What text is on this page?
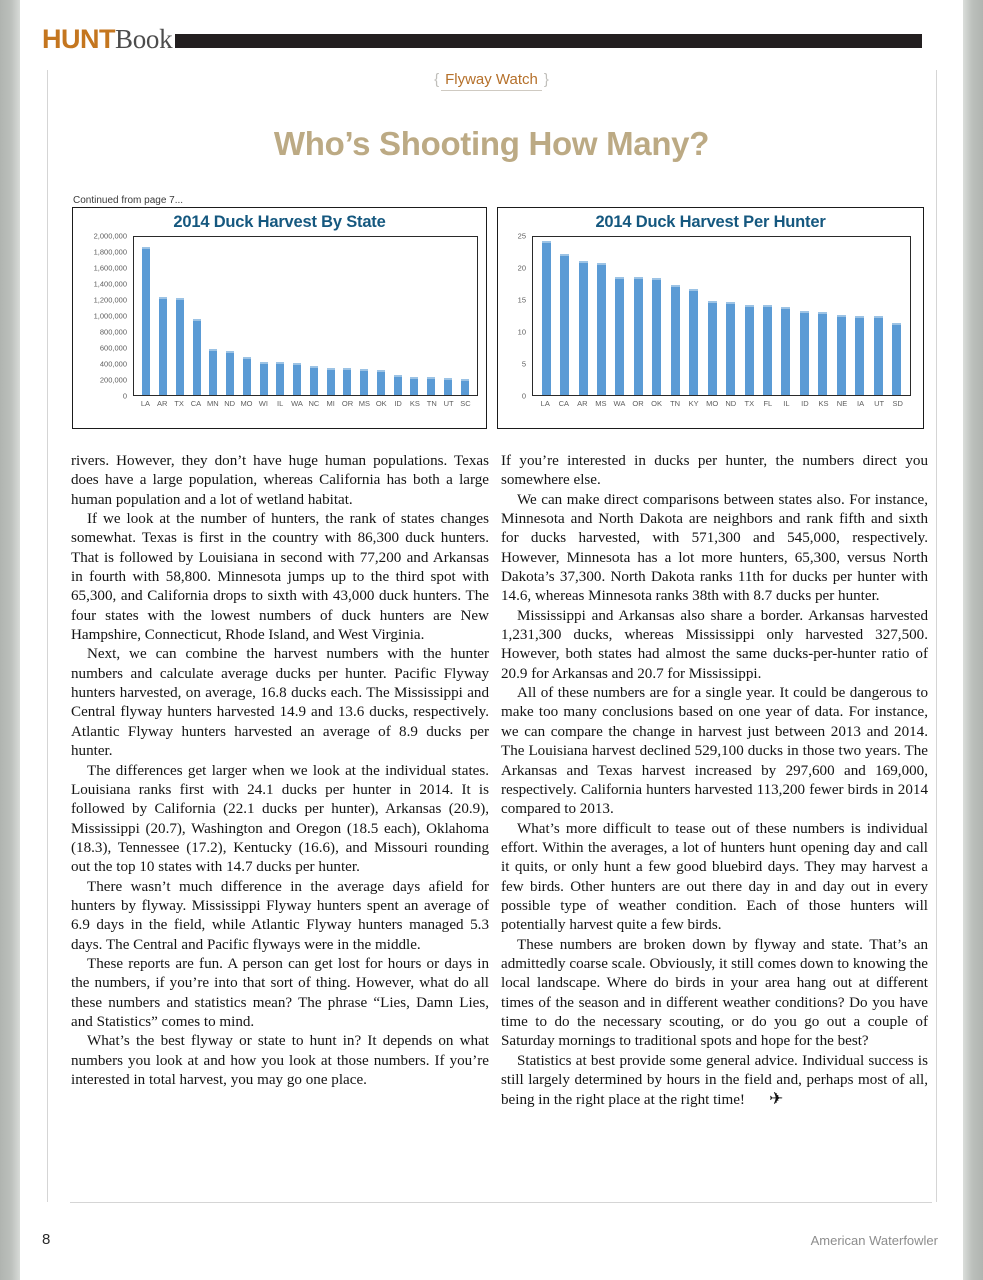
HUNT Book
{ Flyway Watch }
Who’s Shooting How Many?
Continued from page 7...
2014 Duck Harvest By State
2,000,000
1,800,000
1,600,000
1,400,000
1,200,000
1,000,000
800,000
600,000
400,000
200,000
0
LA AR TX CA MN ND MO WI	IL	WA NC MI OR MS OK	ID	KS TN UT SC
2014 Duck Harvest Per Hunter
25
20
15
10
5
0
LA	CA AR MS WA OR OK TN KY MO ND TX	FL	IL	ID	KS NE	IA	UT SD

rivers. However, they don’t have huge human populations. Texas does have a large population, whereas California has both a large human population and a lot of wetland habitat.

If we look at the number of hunters, the rank of states changes somewhat. Texas is first in the country with 86,300 duck hunters. That is followed by Louisiana in second with 77,200 and Arkansas in fourth with 58,800. Minnesota jumps up to the third spot with 65,300, and California drops to sixth with 43,000 duck hunters. The four states with the lowest numbers of duck hunters are New Hampshire, Connecticut, Rhode Island, and West Virginia.

Next, we can combine the harvest numbers with the hunter numbers and calculate average ducks per hunter. Pacific Flyway hunters harvested, on average, 16.8 ducks each. The Mississippi and Central flyway hunters harvested 14.9 and 13.6 ducks, respectively. Atlantic Flyway hunters harvested an average of 8.9 ducks per hunter.

The differences get larger when we look at the individual states. Louisiana ranks first with 24.1 ducks per hunter in 2014. It is followed by California (22.1 ducks per hunter), Arkansas (20.9), Mississippi (20.7), Washington and Oregon (18.5 each), Oklahoma (18.3), Tennessee (17.2), Kentucky (16.6), and Missouri rounding out the top 10 states with 14.7 ducks per hunter.

There wasn’t much difference in the average days afield for hunters by flyway. Mississippi Flyway hunters spent an average of 6.9 days in the field, while Atlantic Flyway hunters managed 5.3 days. The Central and Pacific flyways were in the middle.

These reports are fun. A person can get lost for hours or days in the numbers, if you’re into that sort of thing. However, what do all these numbers and statistics mean? The phrase “Lies, Damn Lies, and Statistics” comes to mind.

What’s the best flyway or state to hunt in? It depends on what numbers you look at and how you look at those numbers. If you’re interested in total harvest, you may go one place.

If you’re interested in ducks per hunter, the numbers direct you somewhere else.

We can make direct comparisons between states also. For instance, Minnesota and North Dakota are neighbors and rank fifth and sixth for ducks harvested, with 571,300 and 545,000, respectively. However, Minnesota has a lot more hunters, 65,300, versus North Dakota’s 37,300. North Dakota ranks 11th for ducks per hunter with 14.6, whereas Minnesota ranks 38th with 8.7 ducks per hunter.

Mississippi and Arkansas also share a border. Arkansas harvested 1,231,300 ducks, whereas Mississippi only harvested 327,500. However, both states had almost the same ducks-per-hunter ratio of 20.9 for Arkansas and 20.7 for Mississippi.

All of these numbers are for a single year. It could be dangerous to make too many conclusions based on one year of data. For instance, we can compare the change in harvest just between 2013 and 2014. The Louisiana harvest declined 529,100 ducks in those two years. The Arkansas and Texas harvest increased by 297,600 and 169,000, respectively. California hunters harvested 113,200 fewer birds in 2014 compared to 2013.

What’s more difficult to tease out of these numbers is individual effort. Within the averages, a lot of hunters hunt opening day and call it quits, or only hunt a few good bluebird days. They may harvest a few birds. Other hunters are out there day in and day out in every possible type of weather condition. Each of those hunters will potentially harvest quite a few birds.

These numbers are broken down by flyway and state. That’s an admittedly coarse scale. Obviously, it still comes down to knowing the local landscape. Where do birds in your area hang out at different times of the season and in different weather conditions? Do you have time to do the necessary scouting, or do you go out a couple of Saturday mornings to traditional spots and hope for the best?

Statistics at best provide some general advice. Individual success is still largely determined by hours in the field and, perhaps most of all, being in the right place at the right time! ✈

8	American Waterfowler
